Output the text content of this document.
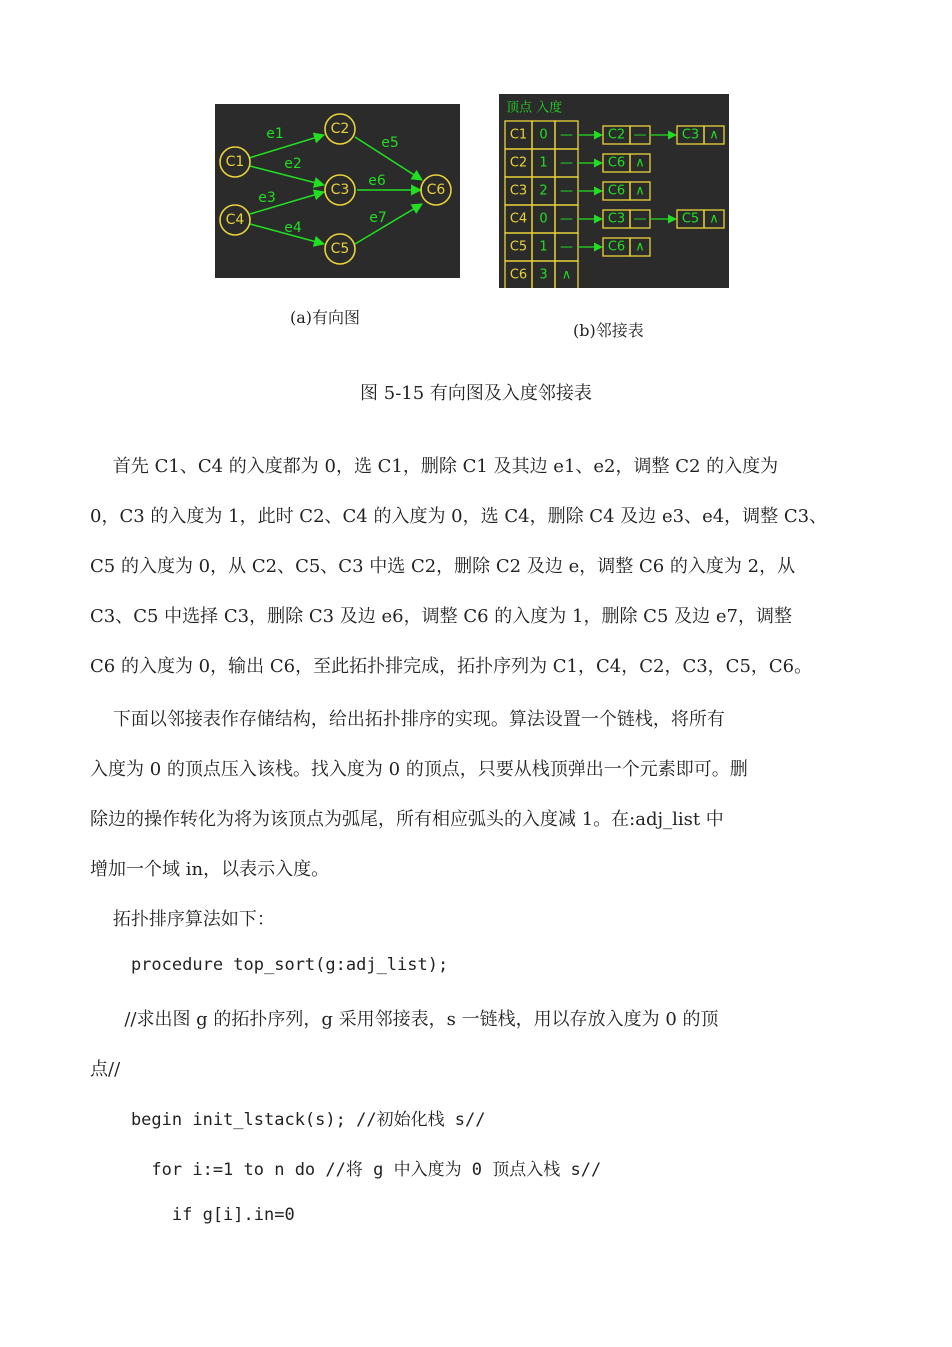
C1
C2
C3
C4
C5
C6
e1
e2
e3
e4
e5
e6
e7
顶点 入度
C1 0 —	C2 —	C3 ∧
C2 1 —	C6 ∧
C3 2 —	C6 ∧
C4 0 —	C3 —	C5 ∧
C5 1 —	C6 ∧
C6 3 ∧
(a)有向图
(b)邻接表
图 5-15 有向图及入度邻接表
首先 C1、C4 的入度都为 0，选 C1，删除 C1 及其边 e1、e2，调整 C2 的入度为
0，C3 的入度为 1，此时 C2、C4 的入度为 0，选 C4，删除 C4 及边 e3、e4，调整 C3、
C5 的入度为 0，从 C2、C5、C3 中选 C2，删除 C2 及边 e，调整 C6 的入度为 2，从
C3、C5 中选择 C3，删除 C3 及边 e6，调整 C6 的入度为 1，删除 C5 及边 e7，调整
C6 的入度为 0，输出 C6，至此拓扑排完成，拓扑序列为 C1，C4，C2，C3，C5，C6。
下面以邻接表作存储结构，给出拓扑排序的实现。算法设置一个链栈，将所有
入度为 0 的顶点压入该栈。找入度为 0 的顶点，只要从栈顶弹出一个元素即可。删
除边的操作转化为将为该顶点为弧尾，所有相应弧头的入度减 1。在:adj_list 中
增加一个域 in，以表示入度。
拓扑排序算法如下：
procedure top_sort(g:adj_list);
//求出图 g 的拓扑序列，g 采用邻接表，s 一链栈，用以存放入度为 0 的顶
点//
begin init_lstack(s); //初始化栈 s//
for i:=1 to n do //将 g 中入度为 0 顶点入栈 s//
if g[i].in=0
